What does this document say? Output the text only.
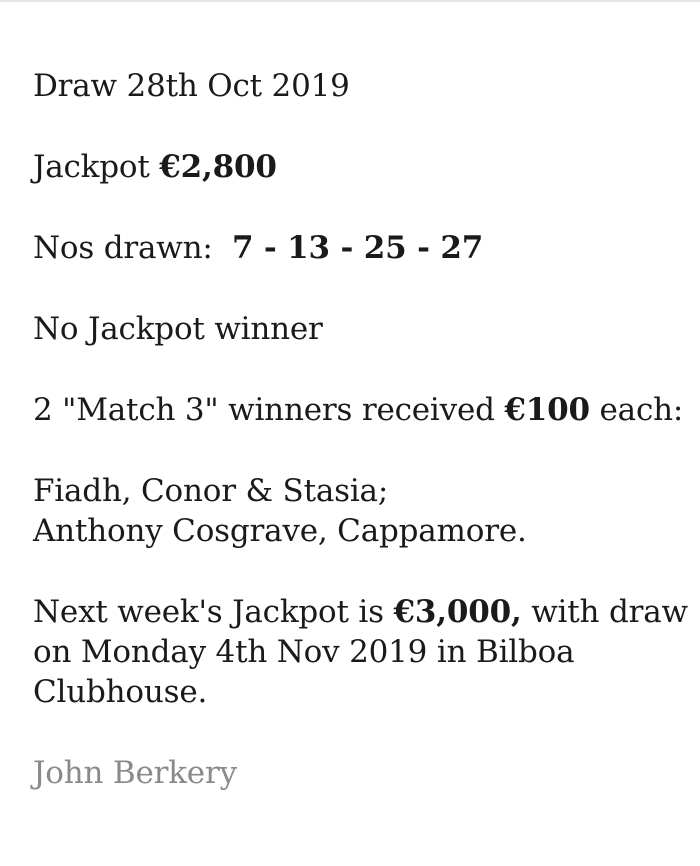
Draw 28th Oct 2019

Jackpot €2,800

Nos drawn:  7 - 13 - 25 - 27

No Jackpot winner

2 "Match 3" winners received €100 each:

Fiadh, Conor & Stasia;
Anthony Cosgrave, Cappamore.

Next week's Jackpot is €3,000, with draw on Monday 4th Nov 2019 in Bilboa Clubhouse.

John Berkery
